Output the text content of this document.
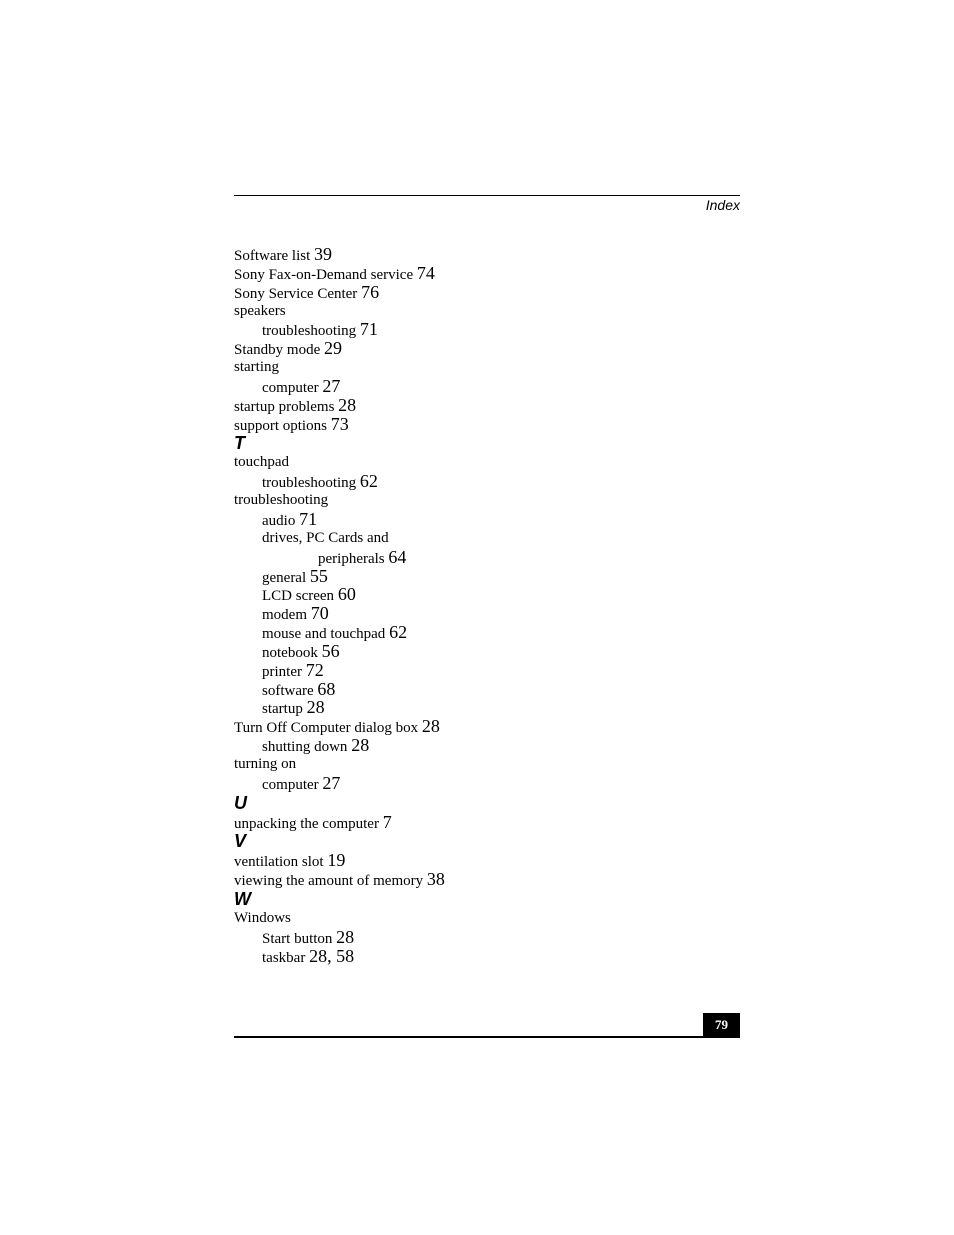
Index
Software list 39
Sony Fax-on-Demand service 74
Sony Service Center 76
speakers
troubleshooting 71
Standby mode 29
starting
computer 27
startup problems 28
support options 73
T
touchpad
troubleshooting 62
troubleshooting
audio 71
drives, PC Cards and
peripherals 64
general 55
LCD screen 60
modem 70
mouse and touchpad 62
notebook 56
printer 72
software 68
startup 28
Turn Off Computer dialog box 28
shutting down 28
turning on
computer 27
U
unpacking the computer 7
V
ventilation slot 19
viewing the amount of memory 38
W
Windows
Start button 28
taskbar 28, 58
79
